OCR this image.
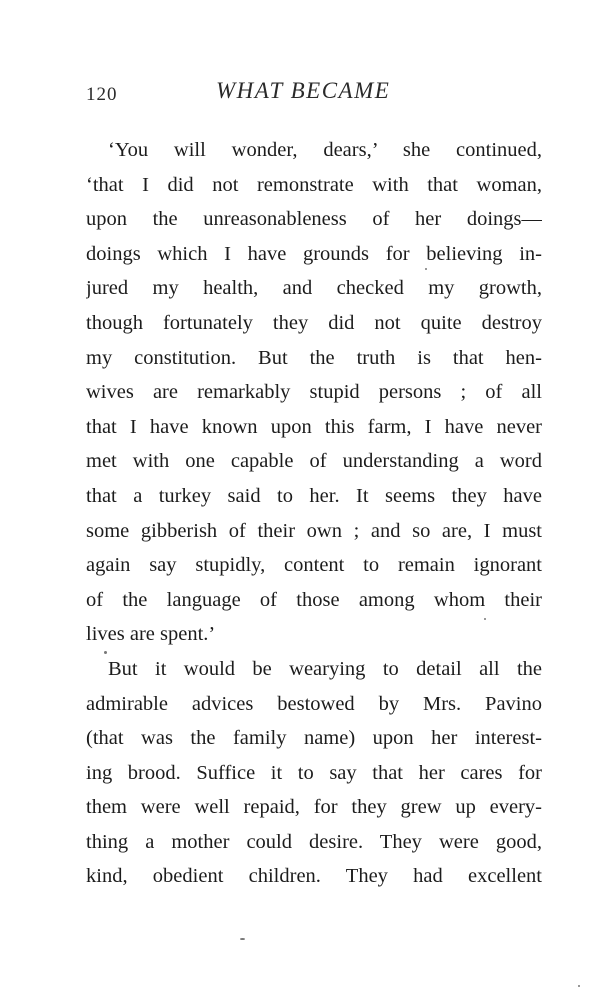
120	WHAT BECAME
‘You will wonder, dears,’ she continued,
‘that I did not remonstrate with that woman,
upon the unreasonableness of her doings—
doings which I have grounds for believing in-
jured my health, and checked my growth,
though fortunately they did not quite destroy
my constitution. But the truth is that hen-
wives are remarkably stupid persons ; of all
that I have known upon this farm, I have never
met with one capable of understanding a word
that a turkey said to her. It seems they have
some gibberish of their own ; and so are, I must
again say stupidly, content to remain ignorant
of the language of those among whom their
lives are spent.’
But it would be wearying to detail all the
admirable advices bestowed by Mrs. Pavino
(that was the family name) upon her interest-
ing brood. Suffice it to say that her cares for
them were well repaid, for they grew up every-
thing a mother could desire. They were good,
kind, obedient children. They had excellent
